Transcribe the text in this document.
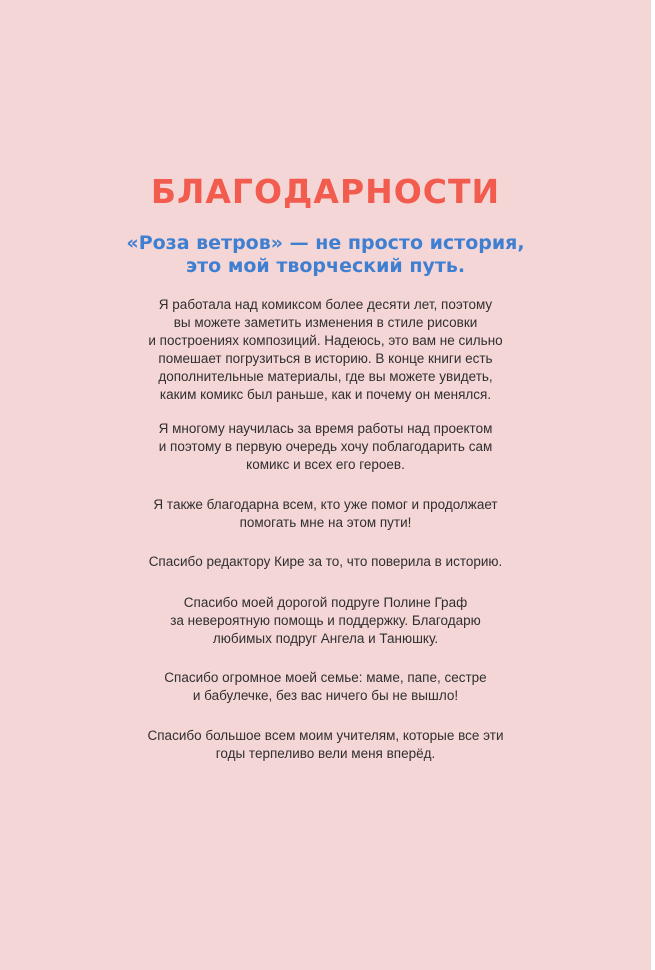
БЛАГОДАРНОСТИ
«Роза ветров» — не просто история,
это мой творческий путь.
Я работала над комиксом более десяти лет, поэтому
вы можете заметить изменения в стиле рисовки
и построениях композиций. Надеюсь, это вам не сильно
помешает погрузиться в историю. В конце книги есть
дополнительные материалы, где вы можете увидеть,
каким комикс был раньше, как и почему он менялся.
Я многому научилась за время работы над проектом
и поэтому в первую очередь хочу поблагодарить сам
комикс и всех его героев.
Я также благодарна всем, кто уже помог и продолжает
помогать мне на этом пути!
Спасибо редактору Кире за то, что поверила в историю.
Спасибо моей дорогой подруге Полине Граф
за невероятную помощь и поддержку. Благодарю
любимых подруг Ангела и Танюшку.
Спасибо огромное моей семье: маме, папе, сестре
и бабулечке, без вас ничего бы не вышло!
Спасибо большое всем моим учителям, которые все эти
годы терпеливо вели меня вперёд.
